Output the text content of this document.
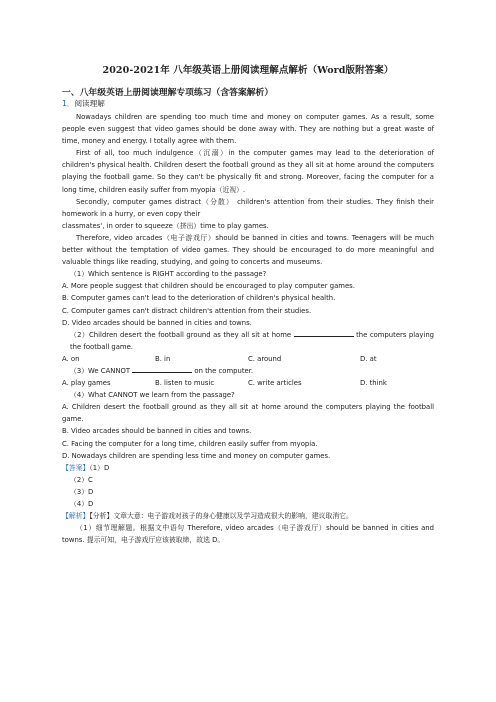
2020-2021年 八年级英语上册阅读理解点解析（Word版附答案）
一、八年级英语上册阅读理解专项练习（含答案解析）
1．阅读理解

Nowadays children are spending too much time and money on computer games. As a result, some people even suggest that video games should be done away with. They are nothing but a great waste of time, money and energy. I totally agree with them.

First of all, too much indulgence（沉溺）in the computer games may lead to the deterioration of children's physical health. Children desert the football ground as they all sit at home around the computers playing the football game. So they can't be physically fit and strong. Moreover, facing the computer for a long time, children easily suffer from myopia（近视）.

Secondly, computer games distract（分散） children's attention from their studies. They finish their homework in a hurry, or even copy their

classmates', in order to squeeze（挤出）time to play games.

Therefore, video arcades（电子游戏厅）should be banned in cities and towns. Teenagers will be much better without the temptation of video games. They should be encouraged to do more meaningful and valuable things like reading, studying, and going to concerts and museums.

（1）Which sentence is RIGHT according to the passage?

A. More people suggest that children should be encouraged to play computer games.

B. Computer games can't lead to the deterioration of children's physical health.

C. Computer games can't distract children's attention from their studies.

D. Video arcades should be banned in cities and towns.

（2）Children desert the football ground as they all sit at home	the computers playing the football game.

A. on	B. in	C. around	D. at

（3）We CANNOT	on the computer.

A. play games	B. listen to music	C. write articles	D. think

（4）What CANNOT we learn from the passage?

A. Children desert the football ground as they all sit at home around the computers playing the football game.

B. Video arcades should be banned in cities and towns.

C. Facing the computer for a long time, children easily suffer from myopia.

D. Nowadays children are spending less time and money on computer games.

【答案】（1）D

（2）C

（3）D

（4）D

【解析】【分析】文章大意：电子游戏对孩子的身心健康以及学习造成很大的影响，建议取消它。

（1）细节理解题。根据文中语句 Therefore, video arcades（电子游戏厅）should be banned in cities and towns. 提示可知，电子游戏厅应该被取缔，故选 D。
